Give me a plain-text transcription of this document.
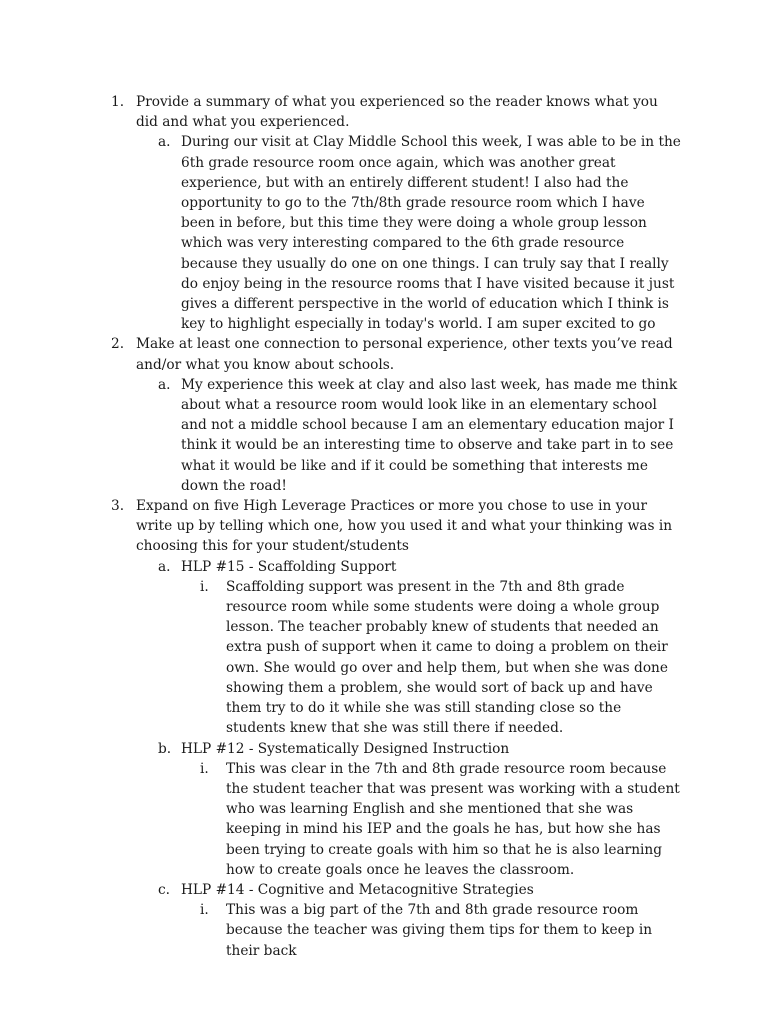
1. Provide a summary of what you experienced so the reader knows what you did and what you experienced.
a. During our visit at Clay Middle School this week, I was able to be in the 6th grade resource room once again, which was another great experience, but with an entirely different student! I also had the opportunity to go to the 7th/8th grade resource room which I have been in before, but this time they were doing a whole group lesson which was very interesting compared to the 6th grade resource because they usually do one on one things. I can truly say that I really do enjoy being in the resource rooms that I have visited because it just gives a different perspective in the world of education which I think is key to highlight especially in today's world. I am super excited to go
2. Make at least one connection to personal experience, other texts you’ve read and/or what you know about schools.
a. My experience this week at clay and also last week, has made me think about what a resource room would look like in an elementary school and not a middle school because I am an elementary education major I think it would be an interesting time to observe and take part in to see what it would be like and if it could be something that interests me down the road!
3. Expand on five High Leverage Practices or more you chose to use in your write up by telling which one, how you used it and what your thinking was in choosing this for your student/students
a. HLP #15 - Scaffolding Support
i. Scaffolding support was present in the 7th and 8th grade resource room while some students were doing a whole group lesson. The teacher probably knew of students that needed an extra push of support when it came to doing a problem on their own. She would go over and help them, but when she was done showing them a problem, she would sort of back up and have them try to do it while she was still standing close so the students knew that she was still there if needed.
b. HLP #12 - Systematically Designed Instruction
i. This was clear in the 7th and 8th grade resource room because the student teacher that was present was working with a student who was learning English and she mentioned that she was keeping in mind his IEP and the goals he has, but how she has been trying to create goals with him so that he is also learning how to create goals once he leaves the classroom.
c. HLP #14 - Cognitive and Metacognitive Strategies
i. This was a big part of the 7th and 8th grade resource room because the teacher was giving them tips for them to keep in their back
